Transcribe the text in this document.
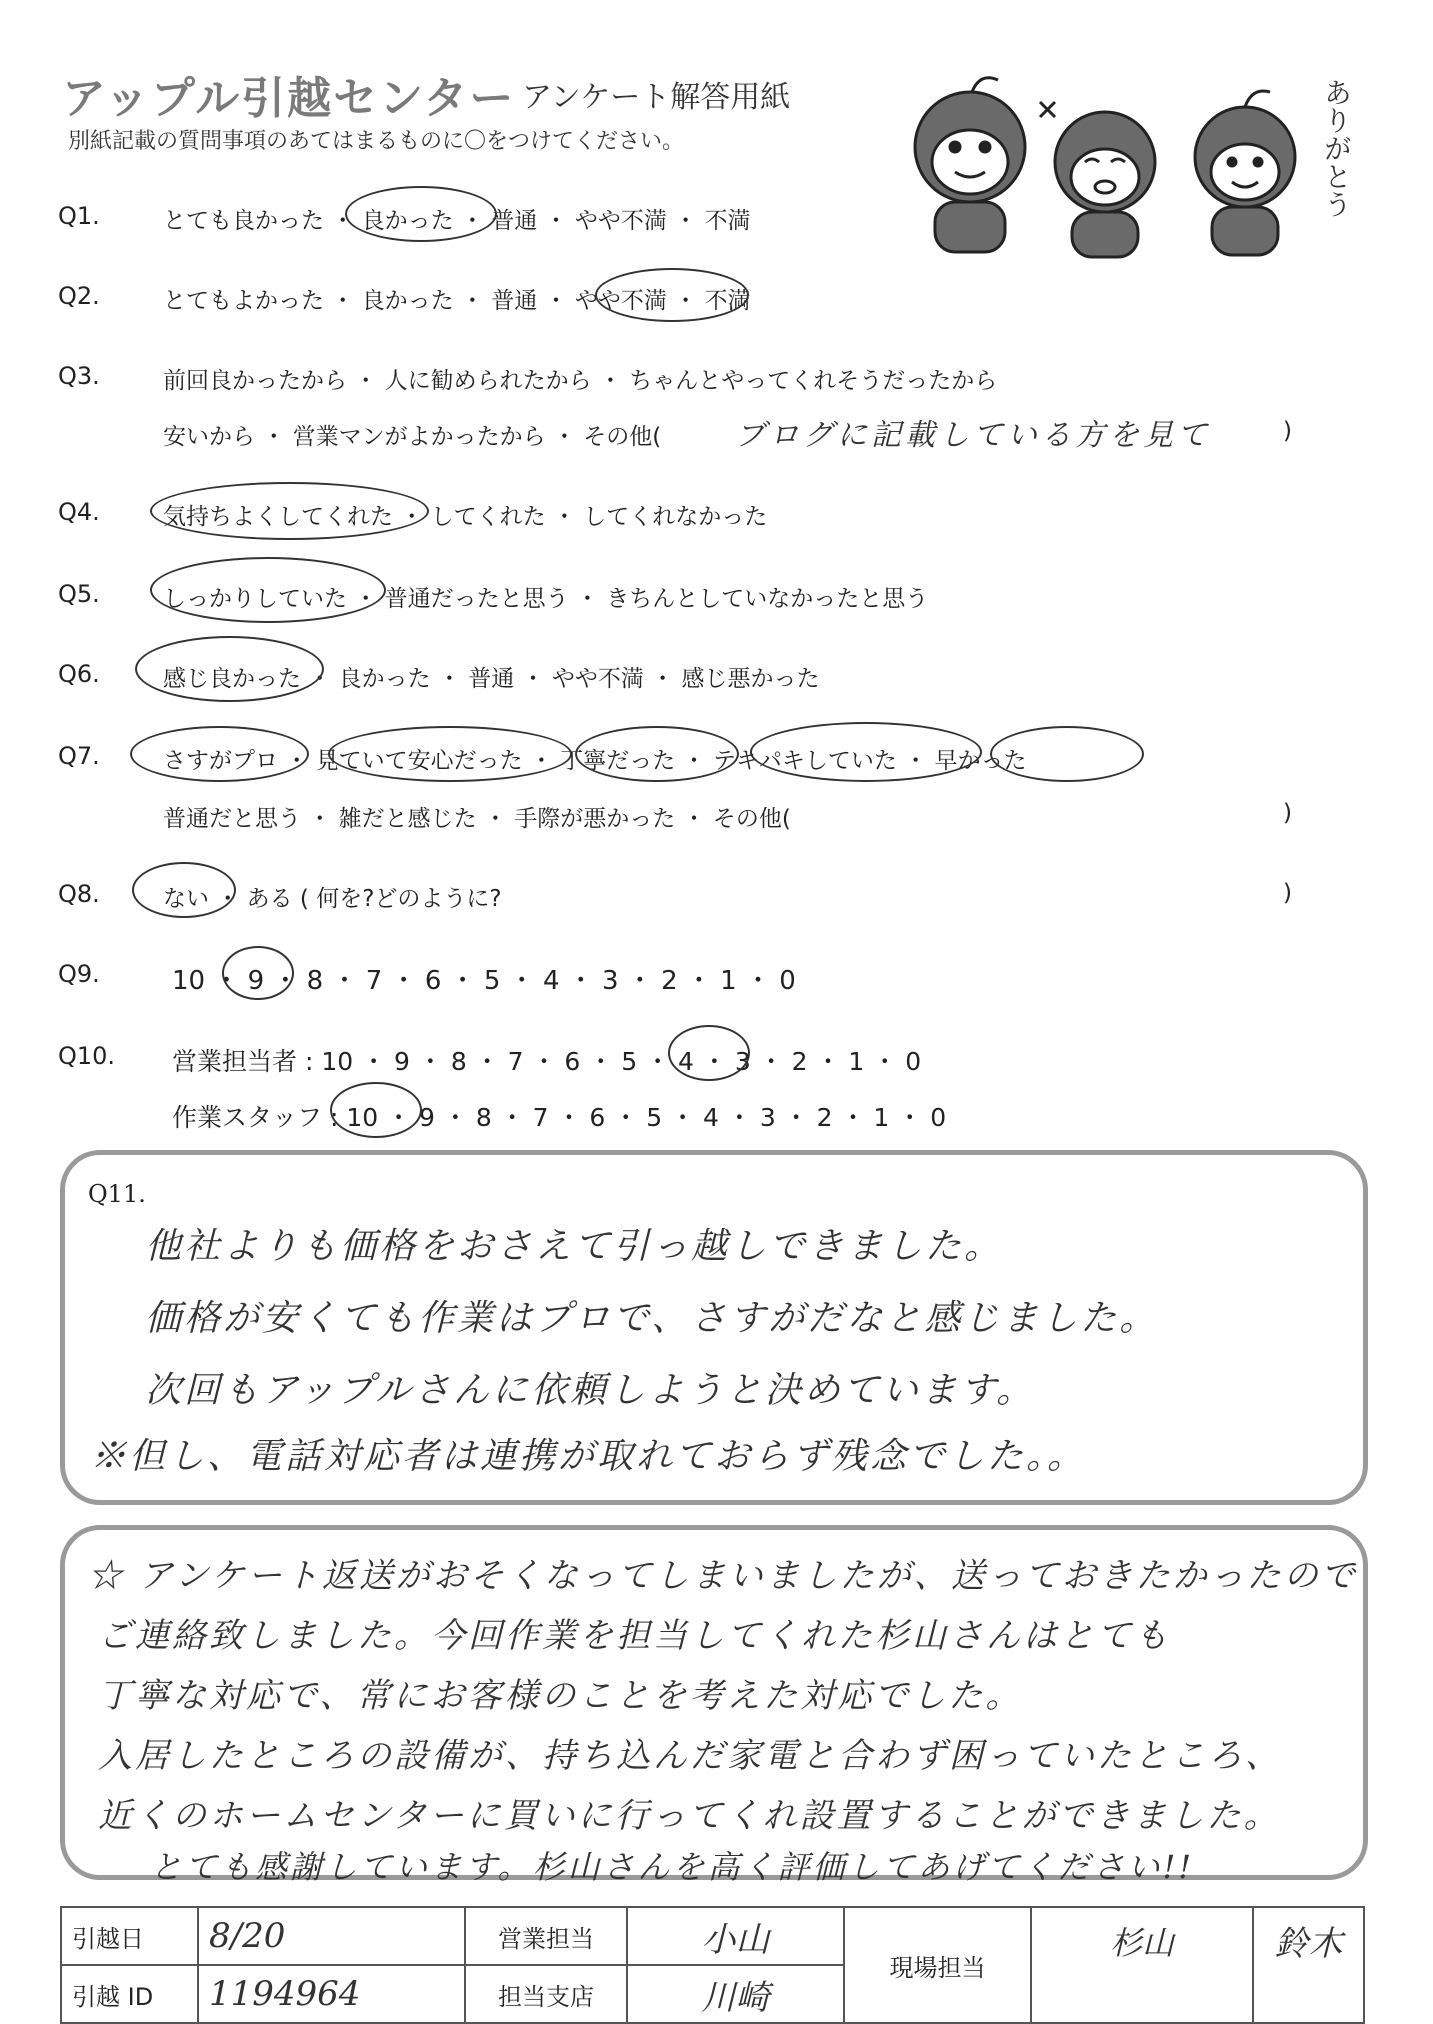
アップル引越センター アンケート解答用紙
別紙記載の質問事項のあてはまるものに〇をつけてください。	ありがとう
Q1.	とても良かった ・ 良かった ・ 普通 ・ やや不満 ・ 不満
Q2.	とてもよかった ・ 良かった ・ 普通 ・ やや不満 ・ 不満
Q3.	前回良かったから ・ 人に勧められたから ・ ちゃんとやってくれそうだったから
安いから ・ 営業マンがよかったから ・ その他( ブログに記載している方を見て	)
Q4.	気持ちよくしてくれた ・ してくれた ・ してくれなかった
Q5.	しっかりしていた ・ 普通だったと思う ・ きちんとしていなかったと思う
Q6.	感じ良かった ・ 良かった ・ 普通 ・ やや不満 ・ 感じ悪かった
Q7.	さすがプロ ・ 見ていて安心だった ・ 丁寧だった ・ テキパキしていた ・ 早かった
普通だと思う ・ 雑だと感じた ・ 手際が悪かった ・ その他(	)
Q8.	ない ・ ある ( 何を?どのように?	)
Q9.	10 ・ 9 ・ 8 ・ 7 ・ 6 ・ 5 ・ 4 ・ 3 ・ 2 ・ 1 ・ 0
Q10. 営業担当者 : 10 ・ 9 ・ 8 ・ 7 ・ 6 ・ 5 ・ 4 ・ 3 ・ 2 ・ 1 ・ 0
作業スタッフ : 10 ・ 9 ・ 8 ・ 7 ・ 6 ・ 5 ・ 4 ・ 3 ・ 2 ・ 1 ・ 0
Q11.
他社よりも価格をおさえて引っ越しできました。
価格が安くても作業はプロで、さすがだなと感じました。
次回もアップルさんに依頼しようと決めています。
※但し、電話対応者は連携が取れておらず残念でした。。
☆ アンケート返送がおそくなってしまいましたが、送っておきたかったので
ご連絡致しました。今回作業を担当してくれた杉山さんはとても
丁寧な対応で、常にお客様のことを考えた対応でした。
入居したところの設備が、持ち込んだ家電と合わず困っていたところ、
近くのホームセンターに買いに行ってくれ設置することができました。
とても感謝しています。杉山さんを高く評価してあげてください!!
引越日	8/20	営業担当	小山	現場担当	杉山	鈴木
引越 ID	1194964	担当支店	川崎			
